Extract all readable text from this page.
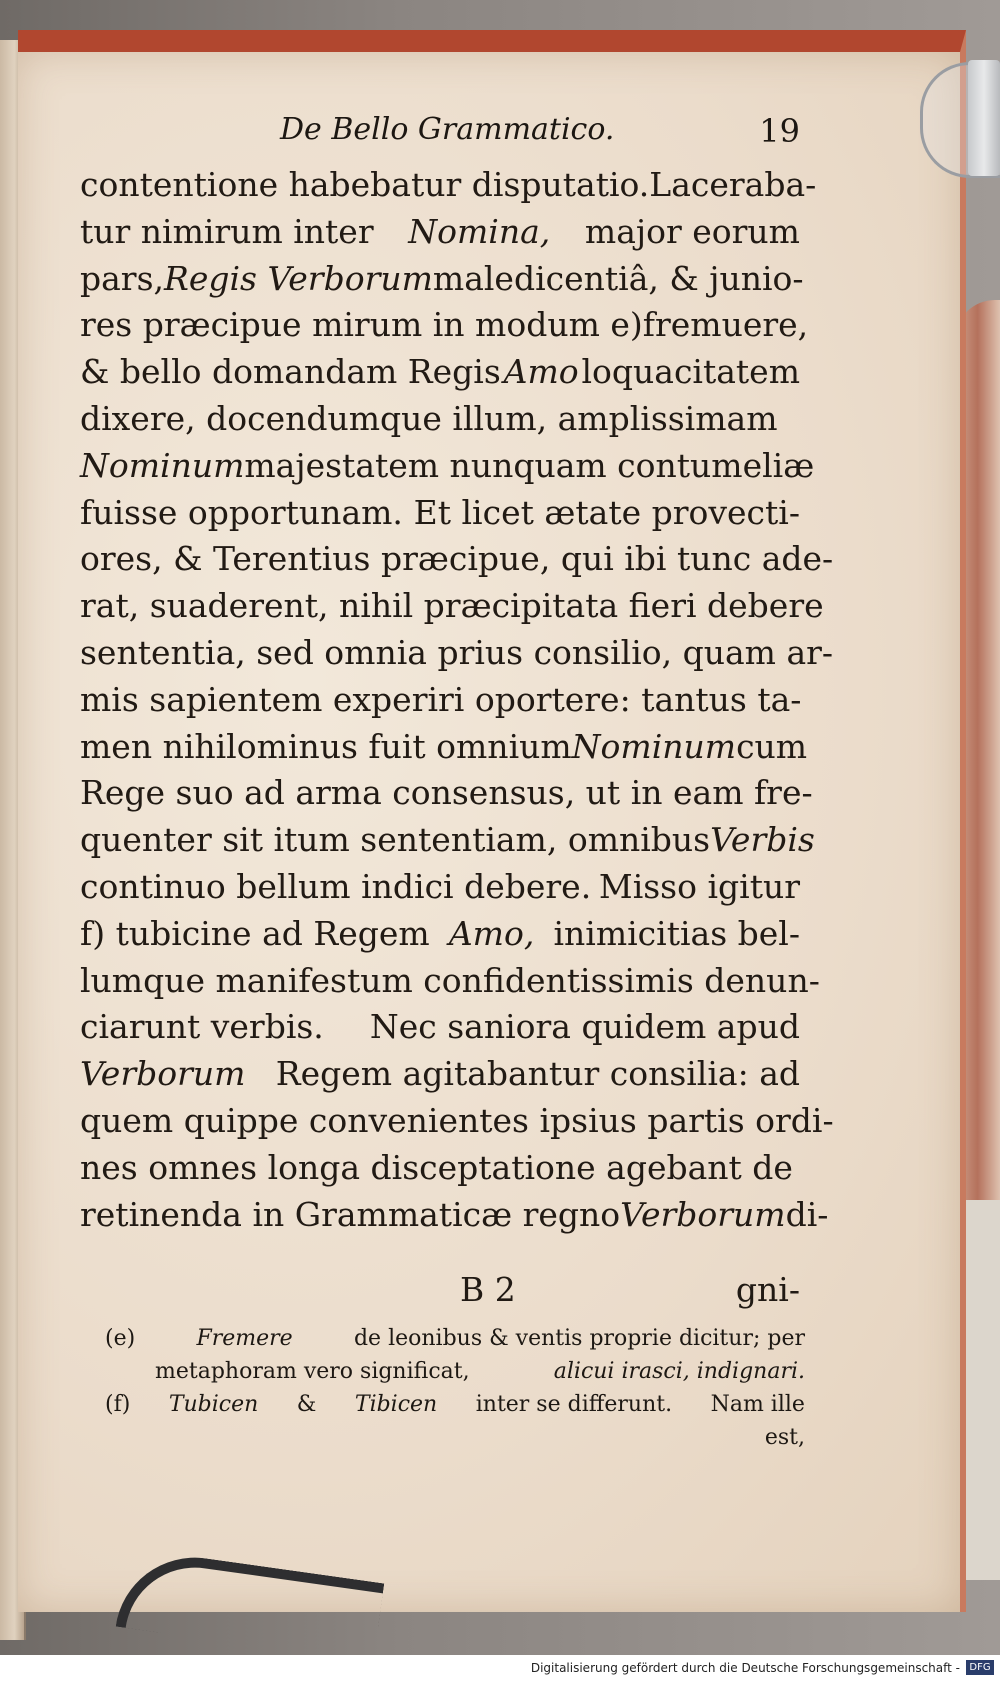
De Bello Grammatico.	19
contentione habebatur disputatio. Laceraba-
tur nimirum inter Nomina, major eorum
pars, Regis Verborum maledicentiâ, & junio-
res præcipue mirum in modum e) fremuere,
& bello domandam Regis Amo loquacitatem
dixere, docendumque illum, amplissimam
Nominum majestatem nunquam contumeliæ
fuisse opportunam. Et licet ætate provecti-
ores, & Terentius præcipue, qui ibi tunc ade-
rat, suaderent, nihil præcipitata fieri debere
sententia, sed omnia prius consilio, quam ar-
mis sapientem experiri oportere: tantus ta-
men nihilominus fuit omnium Nominum cum
Rege suo ad arma consensus, ut in eam fre-
quenter sit itum sententiam, omnibus Verbis
continuo bellum indici debere. Misso igitur
f) tubicine ad Regem Amo, inimicitias bel-
lumque manifestum confidentissimis denun-
ciarunt verbis. Nec saniora quidem apud
Verborum Regem agitabantur consilia: ad
quem quippe convenientes ipsius partis ordi-
nes omnes longa disceptatione agebant de
retinenda in Grammaticæ regno Verborum di-
B 2	gni-
(e)	Fremere	de leonibus & ventis proprie dicitur; per
metaphoram vero significat,	alicui irasci, indignari.
(f) Tubicen & Tibicen inter se differunt. Nam ille
est,
Digitalisierung gefördert durch die Deutsche Forschungsgemeinschaft - DFG
